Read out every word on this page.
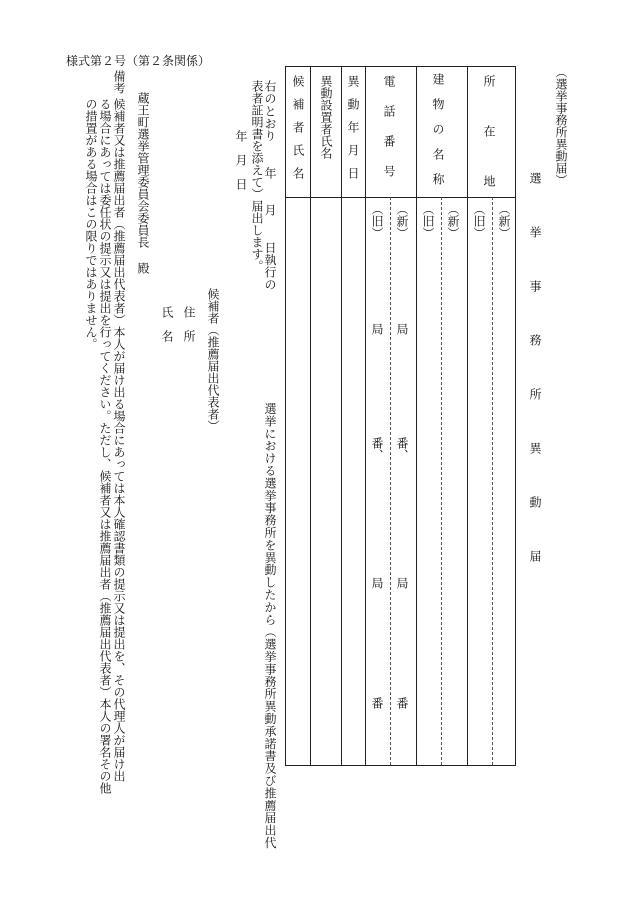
様式第２号（第２条関係）
（選挙事務所異動届）
選 挙 事 務 所 異 動 届
所在地 （新）
（旧）
建物の名称
（新）
（旧）
電話番号
（新）
（旧）
局
番、
局
番
局
番、
局
番
異動年月日
異動設置者氏名
候補者氏名
右のとおり　　年　　月　　日執行の　　　　　　　　　選挙における選挙事務所を異動したから（選挙事務所異動承諾書及び推薦届出代
表者証明書を添えて）届出します。
年　月　日
候補者（推薦届出代表者）
住　所
氏　名
蔵王町選挙管理委員会委員長
殿
備考
候補者又は推薦届出者（推薦届出代表者）本人が届け出る場合にあっては本人確認書類の提示又は提出を、その代理人が届け出
る場合にあっては委任状の提示又は提出を行ってください。ただし、候補者又は推薦届出者（推薦届出代表者）本人の署名その他
の措置がある場合はこの限りではありません。
